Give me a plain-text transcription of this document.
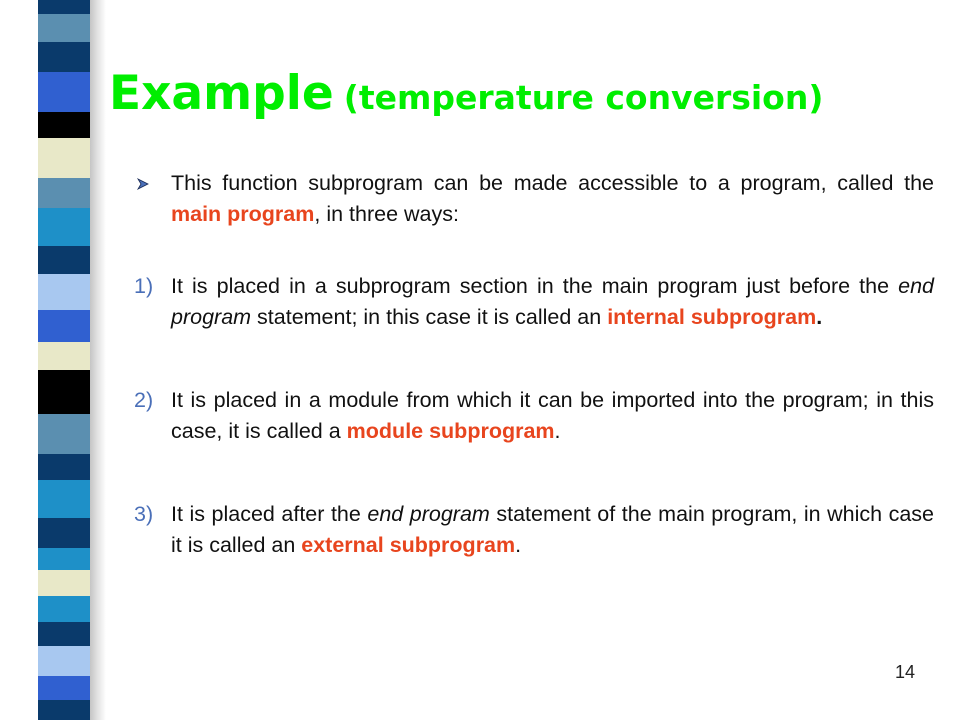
Example (temperature conversion)

This function subprogram can be made accessible to a program, called the main program, in three ways:

1) It is placed in a subprogram section in the main program just before the end program statement; in this case it is called an internal subprogram.

2) It is placed in a module from which it can be imported into the program; in this case, it is called a module subprogram.

3) It is placed after the end program statement of the main program, in which case it is called an external subprogram.

14
